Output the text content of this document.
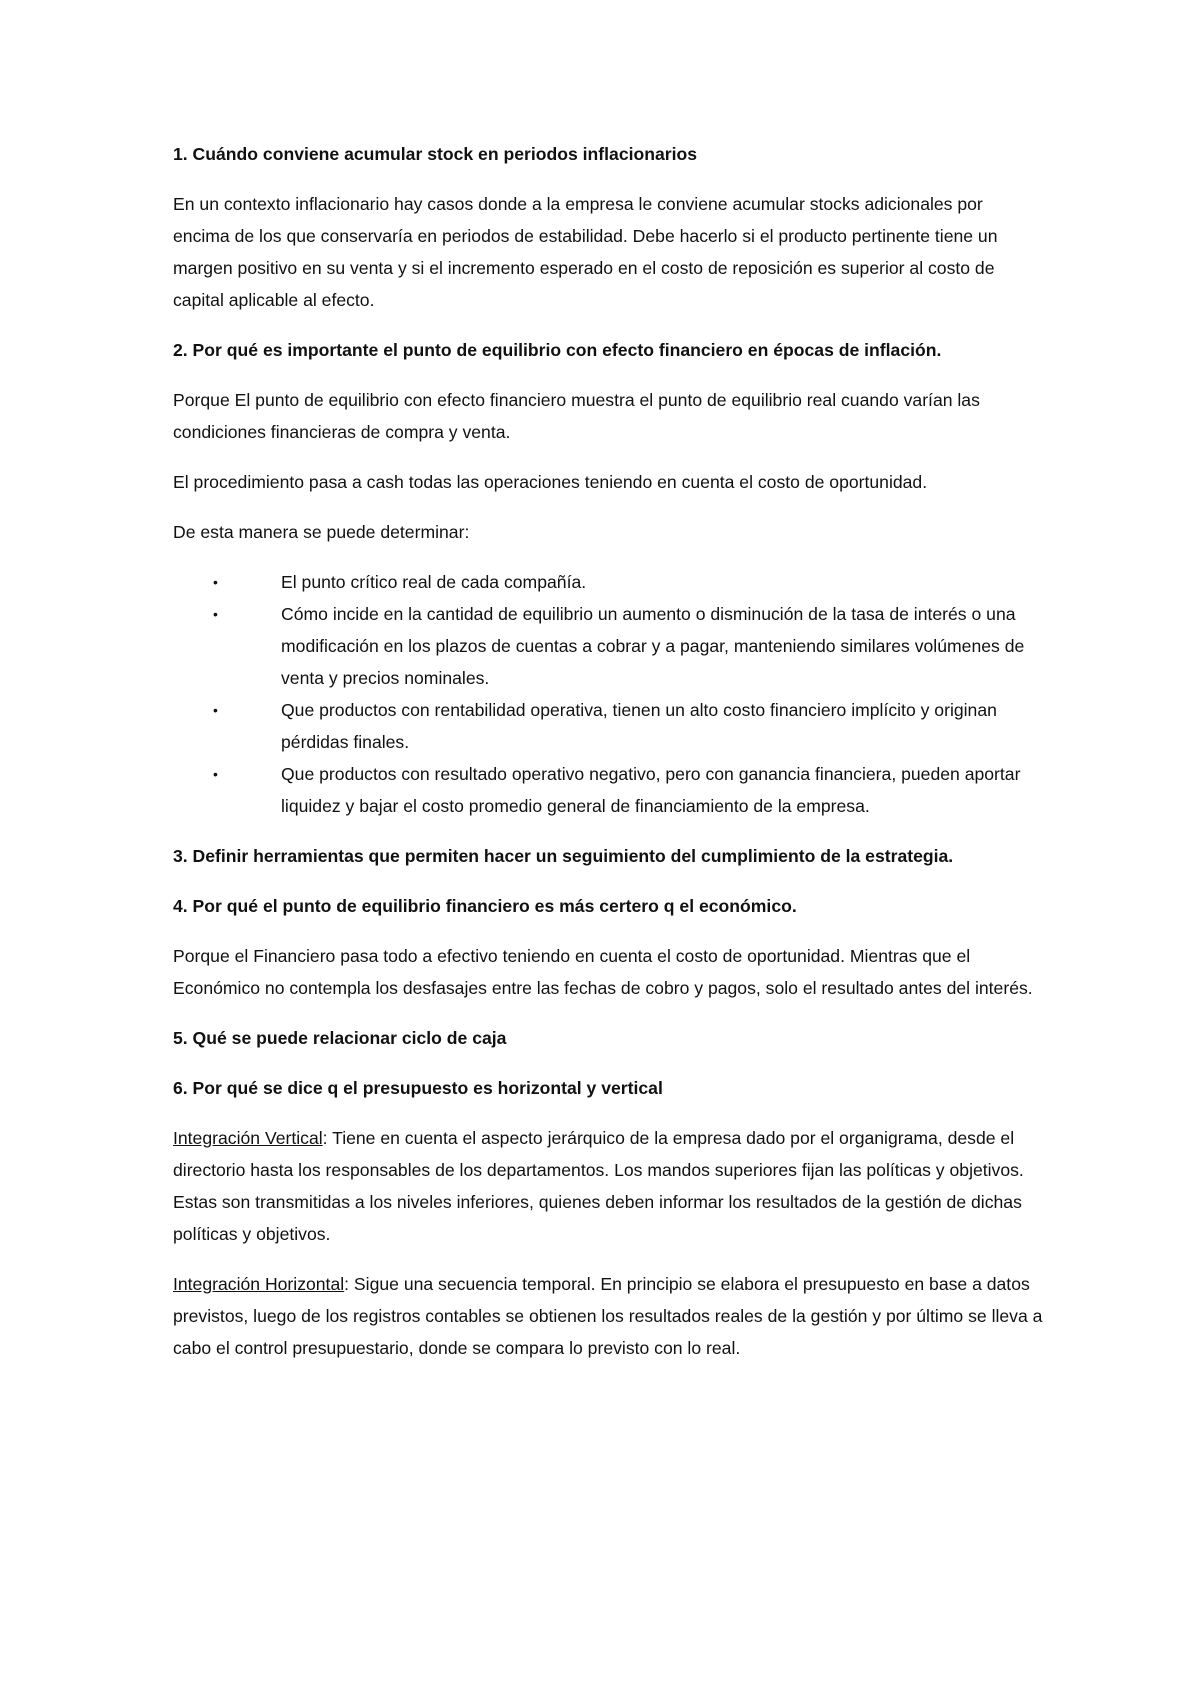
1. Cuándo conviene acumular stock en periodos inflacionarios

En un contexto inflacionario hay casos donde a la empresa le conviene acumular stocks adicionales por encima de los que conservaría en periodos de estabilidad. Debe hacerlo si el producto pertinente tiene un margen positivo en su venta y si el incremento esperado en el costo de reposición es superior al costo de capital aplicable al efecto.

2. Por qué es importante el punto de equilibrio con efecto financiero en épocas de inflación.

Porque El punto de equilibrio con efecto financiero muestra el punto de equilibrio real cuando varían las condiciones financieras de compra y venta.

El procedimiento pasa a cash todas las operaciones teniendo en cuenta el costo de oportunidad.

De esta manera se puede determinar:

•	El punto crítico real de cada compañía.
•	Cómo incide en la cantidad de equilibrio un aumento o disminución de la tasa de interés o una modificación en los plazos de cuentas a cobrar y a pagar, manteniendo similares volúmenes de venta y precios nominales.
•	Que productos con rentabilidad operativa, tienen un alto costo financiero implícito y originan pérdidas finales.
•	Que productos con resultado operativo negativo, pero con ganancia financiera, pueden aportar liquidez y bajar el costo promedio general de financiamiento de la empresa.

3. Definir herramientas que permiten hacer un seguimiento del cumplimiento de la estrategia.

4. Por qué el punto de equilibrio financiero es más certero q el económico.

Porque el Financiero pasa todo a efectivo teniendo en cuenta el costo de oportunidad. Mientras que el Económico no contempla los desfasajes entre las fechas de cobro y pagos, solo el resultado antes del interés.

5. Qué se puede relacionar ciclo de caja

6. Por qué se dice q el presupuesto es horizontal y vertical

Integración Vertical: Tiene en cuenta el aspecto jerárquico de la empresa dado por el organigrama, desde el directorio hasta los responsables de los departamentos. Los mandos superiores fijan las políticas y objetivos. Estas son transmitidas a los niveles inferiores, quienes deben informar los resultados de la gestión de dichas políticas y objetivos.

Integración Horizontal: Sigue una secuencia temporal. En principio se elabora el presupuesto en base a datos previstos, luego de los registros contables se obtienen los resultados reales de la gestión y por último se lleva a cabo el control presupuestario, donde se compara lo previsto con lo real.
